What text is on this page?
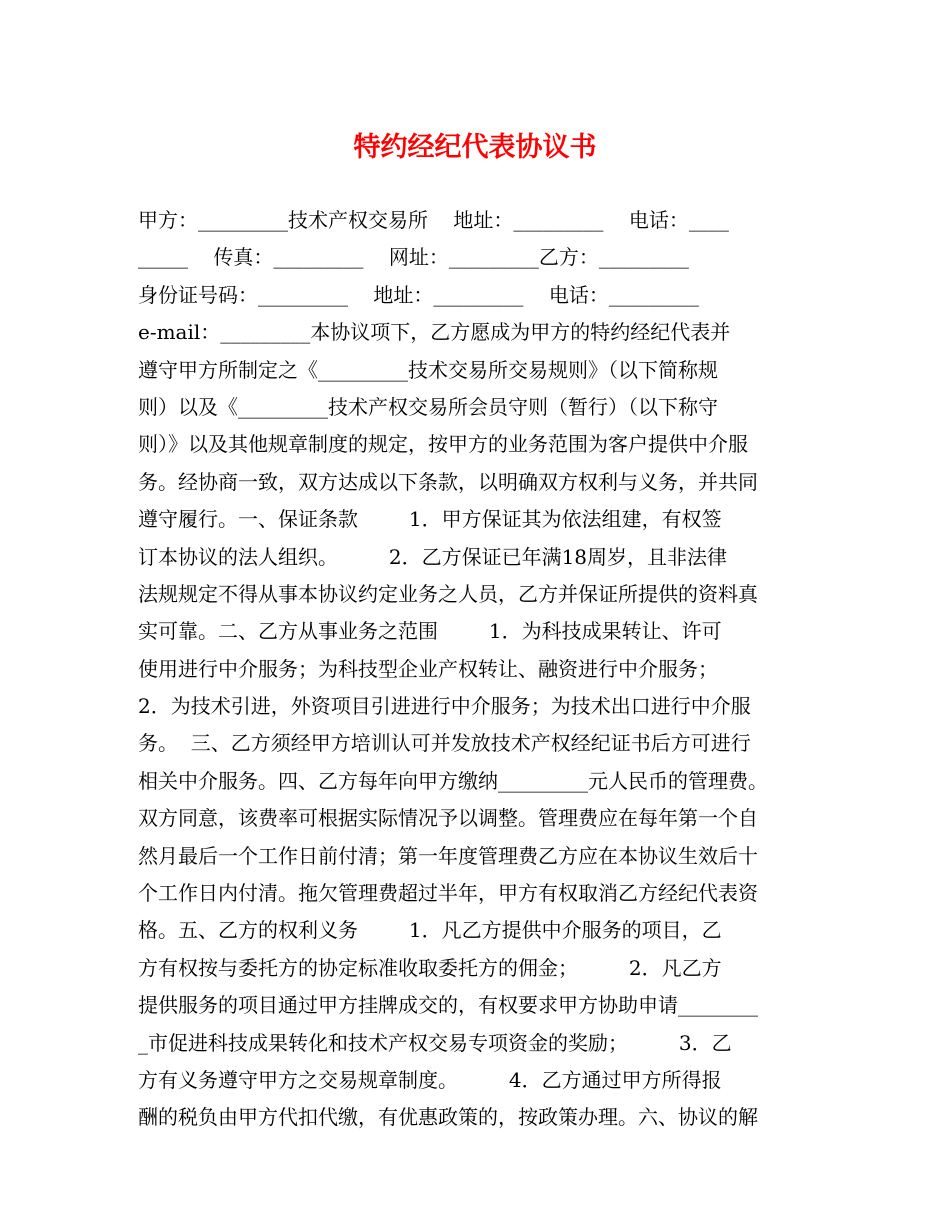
特约经纪代表协议书
甲方：_________技术产权交易所    地址：_________    电话：____
_____    传真：_________    网址：_________乙方：_________
身份证号码：_________    地址：_________    电话：_________
e-mail：_________本协议项下，乙方愿成为甲方的特约经纪代表并
遵守甲方所制定之《_________技术交易所交易规则》（以下简称规
则）以及《_________技术产权交易所会员守则（暂行）（以下称守
则）》以及其他规章制度的规定，按甲方的业务范围为客户提供中介服
务。经协商一致，双方达成以下条款，以明确双方权利与义务，并共同
遵守履行。一、保证条款        1．甲方保证其为依法组建，有权签
订本协议的法人组织。        2．乙方保证已年满18周岁，且非法律
法规规定不得从事本协议约定业务之人员，乙方并保证所提供的资料真
实可靠。二、乙方从事业务之范围        1．为科技成果转让、许可
使用进行中介服务；为科技型企业产权转让、融资进行中介服务；
2．为技术引进，外资项目引进进行中介服务；为技术出口进行中介服
务。  三、乙方须经甲方培训认可并发放技术产权经纪证书后方可进行
相关中介服务。四、乙方每年向甲方缴纳_________元人民币的管理费。
双方同意，该费率可根据实际情况予以调整。管理费应在每年第一个自
然月最后一个工作日前付清；第一年度管理费乙方应在本协议生效后十
个工作日内付清。拖欠管理费超过半年，甲方有权取消乙方经纪代表资
格。五、乙方的权利义务        1．凡乙方提供中介服务的项目，乙
方有权按与委托方的协定标准收取委托方的佣金；        2．凡乙方
提供服务的项目通过甲方挂牌成交的，有权要求甲方协助申请________
_市促进科技成果转化和技术产权交易专项资金的奖励；        3．乙
方有义务遵守甲方之交易规章制度。        4．乙方通过甲方所得报
酬的税负由甲方代扣代缴，有优惠政策的，按政策办理。六、协议的解
